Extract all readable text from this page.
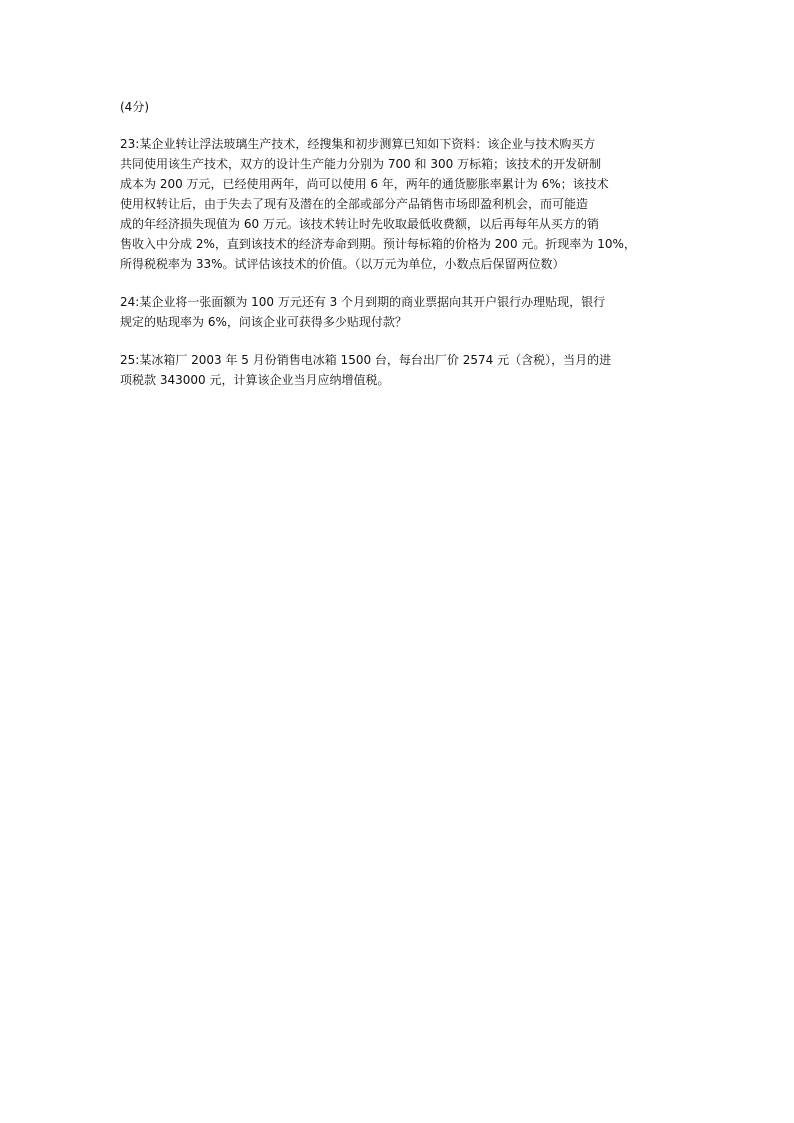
(4分)
23:某企业转让浮法玻璃生产技术，经搜集和初步测算已知如下资料：该企业与技术购买方
共同使用该生产技术，双方的设计生产能力分别为 700 和 300 万标箱；该技术的开发研制
成本为 200 万元，已经使用两年，尚可以使用 6 年，两年的通货膨胀率累计为 6%；该技术
使用权转让后，由于失去了现有及潜在的全部或部分产品销售市场即盈利机会，而可能造
成的年经济损失现值为 60 万元。该技术转让时先收取最低收费额，以后再每年从买方的销
售收入中分成 2%，直到该技术的经济寿命到期。预计每标箱的价格为 200 元。折现率为 10%，
所得税税率为 33%。试评估该技术的价值。（以万元为单位，小数点后保留两位数）
24:某企业将一张面额为 100 万元还有 3 个月到期的商业票据向其开户银行办理贴现，银行
规定的贴现率为 6%，问该企业可获得多少贴现付款？
25:某冰箱厂 2003 年 5 月份销售电冰箱 1500 台，每台出厂价 2574 元（含税），当月的进
项税款 343000 元，计算该企业当月应纳增值税。
